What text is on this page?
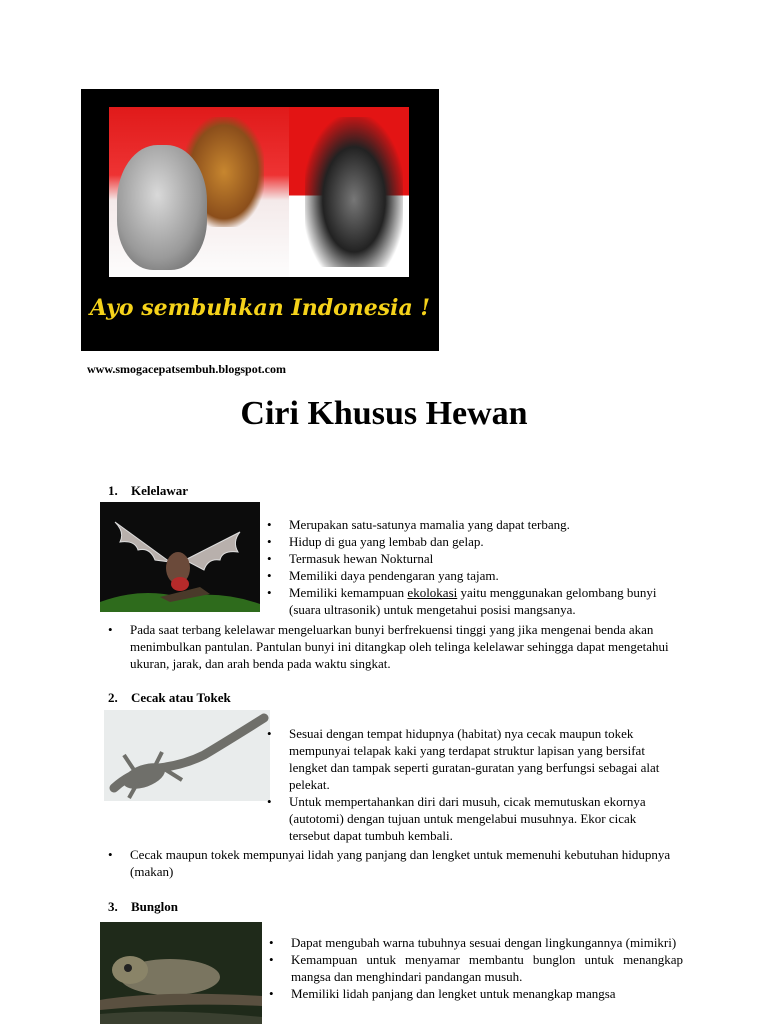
Ayo sembuhkan Indonesia !
www.smogacepatsembuh.blogspot.com
Ciri Khusus Hewan
1. Kelelawar
• Merupakan satu-satunya mamalia yang dapat terbang.
• Hidup di gua yang lembab dan gelap.
• Termasuk hewan Nokturnal
• Memiliki daya pendengaran yang tajam.
• Memiliki kemampuan ekolokasi yaitu menggunakan gelombang bunyi (suara ultrasonik) untuk mengetahui posisi mangsanya.
• Pada saat terbang kelelawar mengeluarkan bunyi berfrekuensi tinggi yang jika mengenai benda akan menimbulkan pantulan. Pantulan bunyi ini ditangkap oleh telinga kelelawar sehingga dapat mengetahui ukuran, jarak, dan arah benda pada waktu singkat.
2. Cecak atau Tokek
• Sesuai dengan tempat hidupnya (habitat) nya cecak maupun tokek mempunyai telapak kaki yang terdapat struktur lapisan yang bersifat lengket dan tampak seperti guratan-guratan yang berfungsi sebagai alat pelekat.
• Untuk mempertahankan diri dari musuh, cicak memutuskan ekornya (autotomi) dengan tujuan untuk mengelabui musuhnya. Ekor cicak tersebut dapat tumbuh kembali.
• Cecak maupun tokek mempunyai lidah yang panjang dan lengket untuk memenuhi kebutuhan hidupnya (makan)
3. Bunglon
• Dapat mengubah warna tubuhnya sesuai dengan lingkungannya (mimikri)
• Kemampuan untuk menyamar membantu bunglon untuk menangkap mangsa dan menghindari pandangan musuh.
• Memiliki lidah panjang dan lengket untuk menangkap mangsa
